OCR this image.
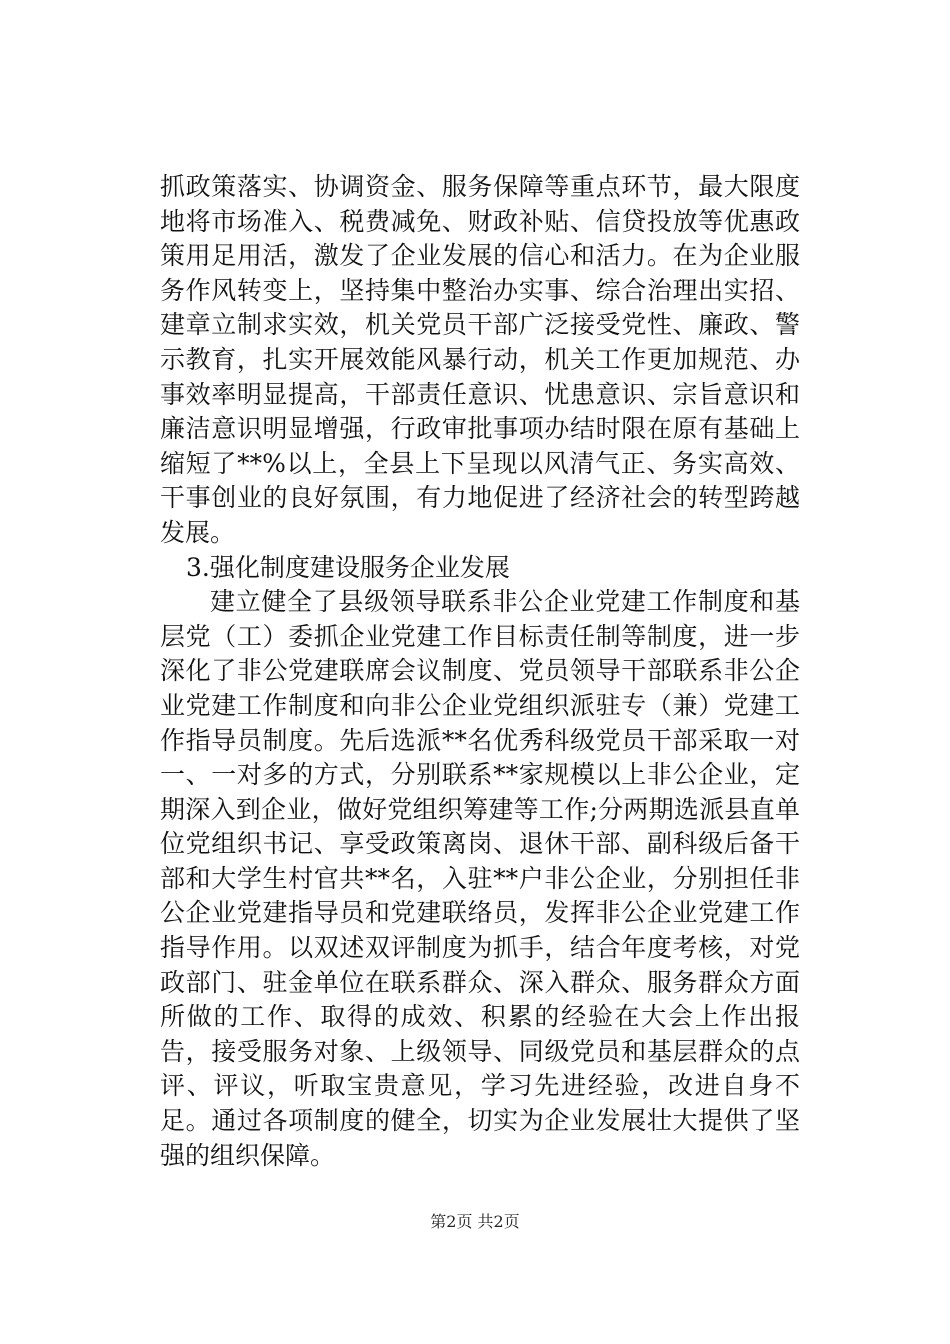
抓政策落实、协调资金、服务保障等重点环节，最大限度地将市场准入、税费减免、财政补贴、信贷投放等优惠政策用足用活，激发了企业发展的信心和活力。在为企业服务作风转变上，坚持集中整治办实事、综合治理出实招、建章立制求实效，机关党员干部广泛接受党性、廉政、警示教育，扎实开展效能风暴行动，机关工作更加规范、办事效率明显提高，干部责任意识、忧患意识、宗旨意识和廉洁意识明显增强，行政审批事项办结时限在原有基础上缩短了**%以上，全县上下呈现以风清气正、务实高效、干事创业的良好氛围，有力地促进了经济社会的转型跨越发展。

3.强化制度建设服务企业发展

建立健全了县级领导联系非公企业党建工作制度和基层党（工）委抓企业党建工作目标责任制等制度，进一步深化了非公党建联席会议制度、党员领导干部联系非公企业党建工作制度和向非公企业党组织派驻专（兼）党建工作指导员制度。先后选派**名优秀科级党员干部采取一对一、一对多的方式，分别联系**家规模以上非公企业，定期深入到企业，做好党组织筹建等工作;分两期选派县直单位党组织书记、享受政策离岗、退休干部、副科级后备干部和大学生村官共**名，入驻**户非公企业，分别担任非公企业党建指导员和党建联络员，发挥非公企业党建工作指导作用。以双述双评制度为抓手，结合年度考核，对党政部门、驻金单位在联系群众、深入群众、服务群众方面所做的工作、取得的成效、积累的经验在大会上作出报告，接受服务对象、上级领导、同级党员和基层群众的点评、评议，听取宝贵意见，学习先进经验，改进自身不足。通过各项制度的健全，切实为企业发展壮大提供了坚强的组织保障。

第2页 共2页
